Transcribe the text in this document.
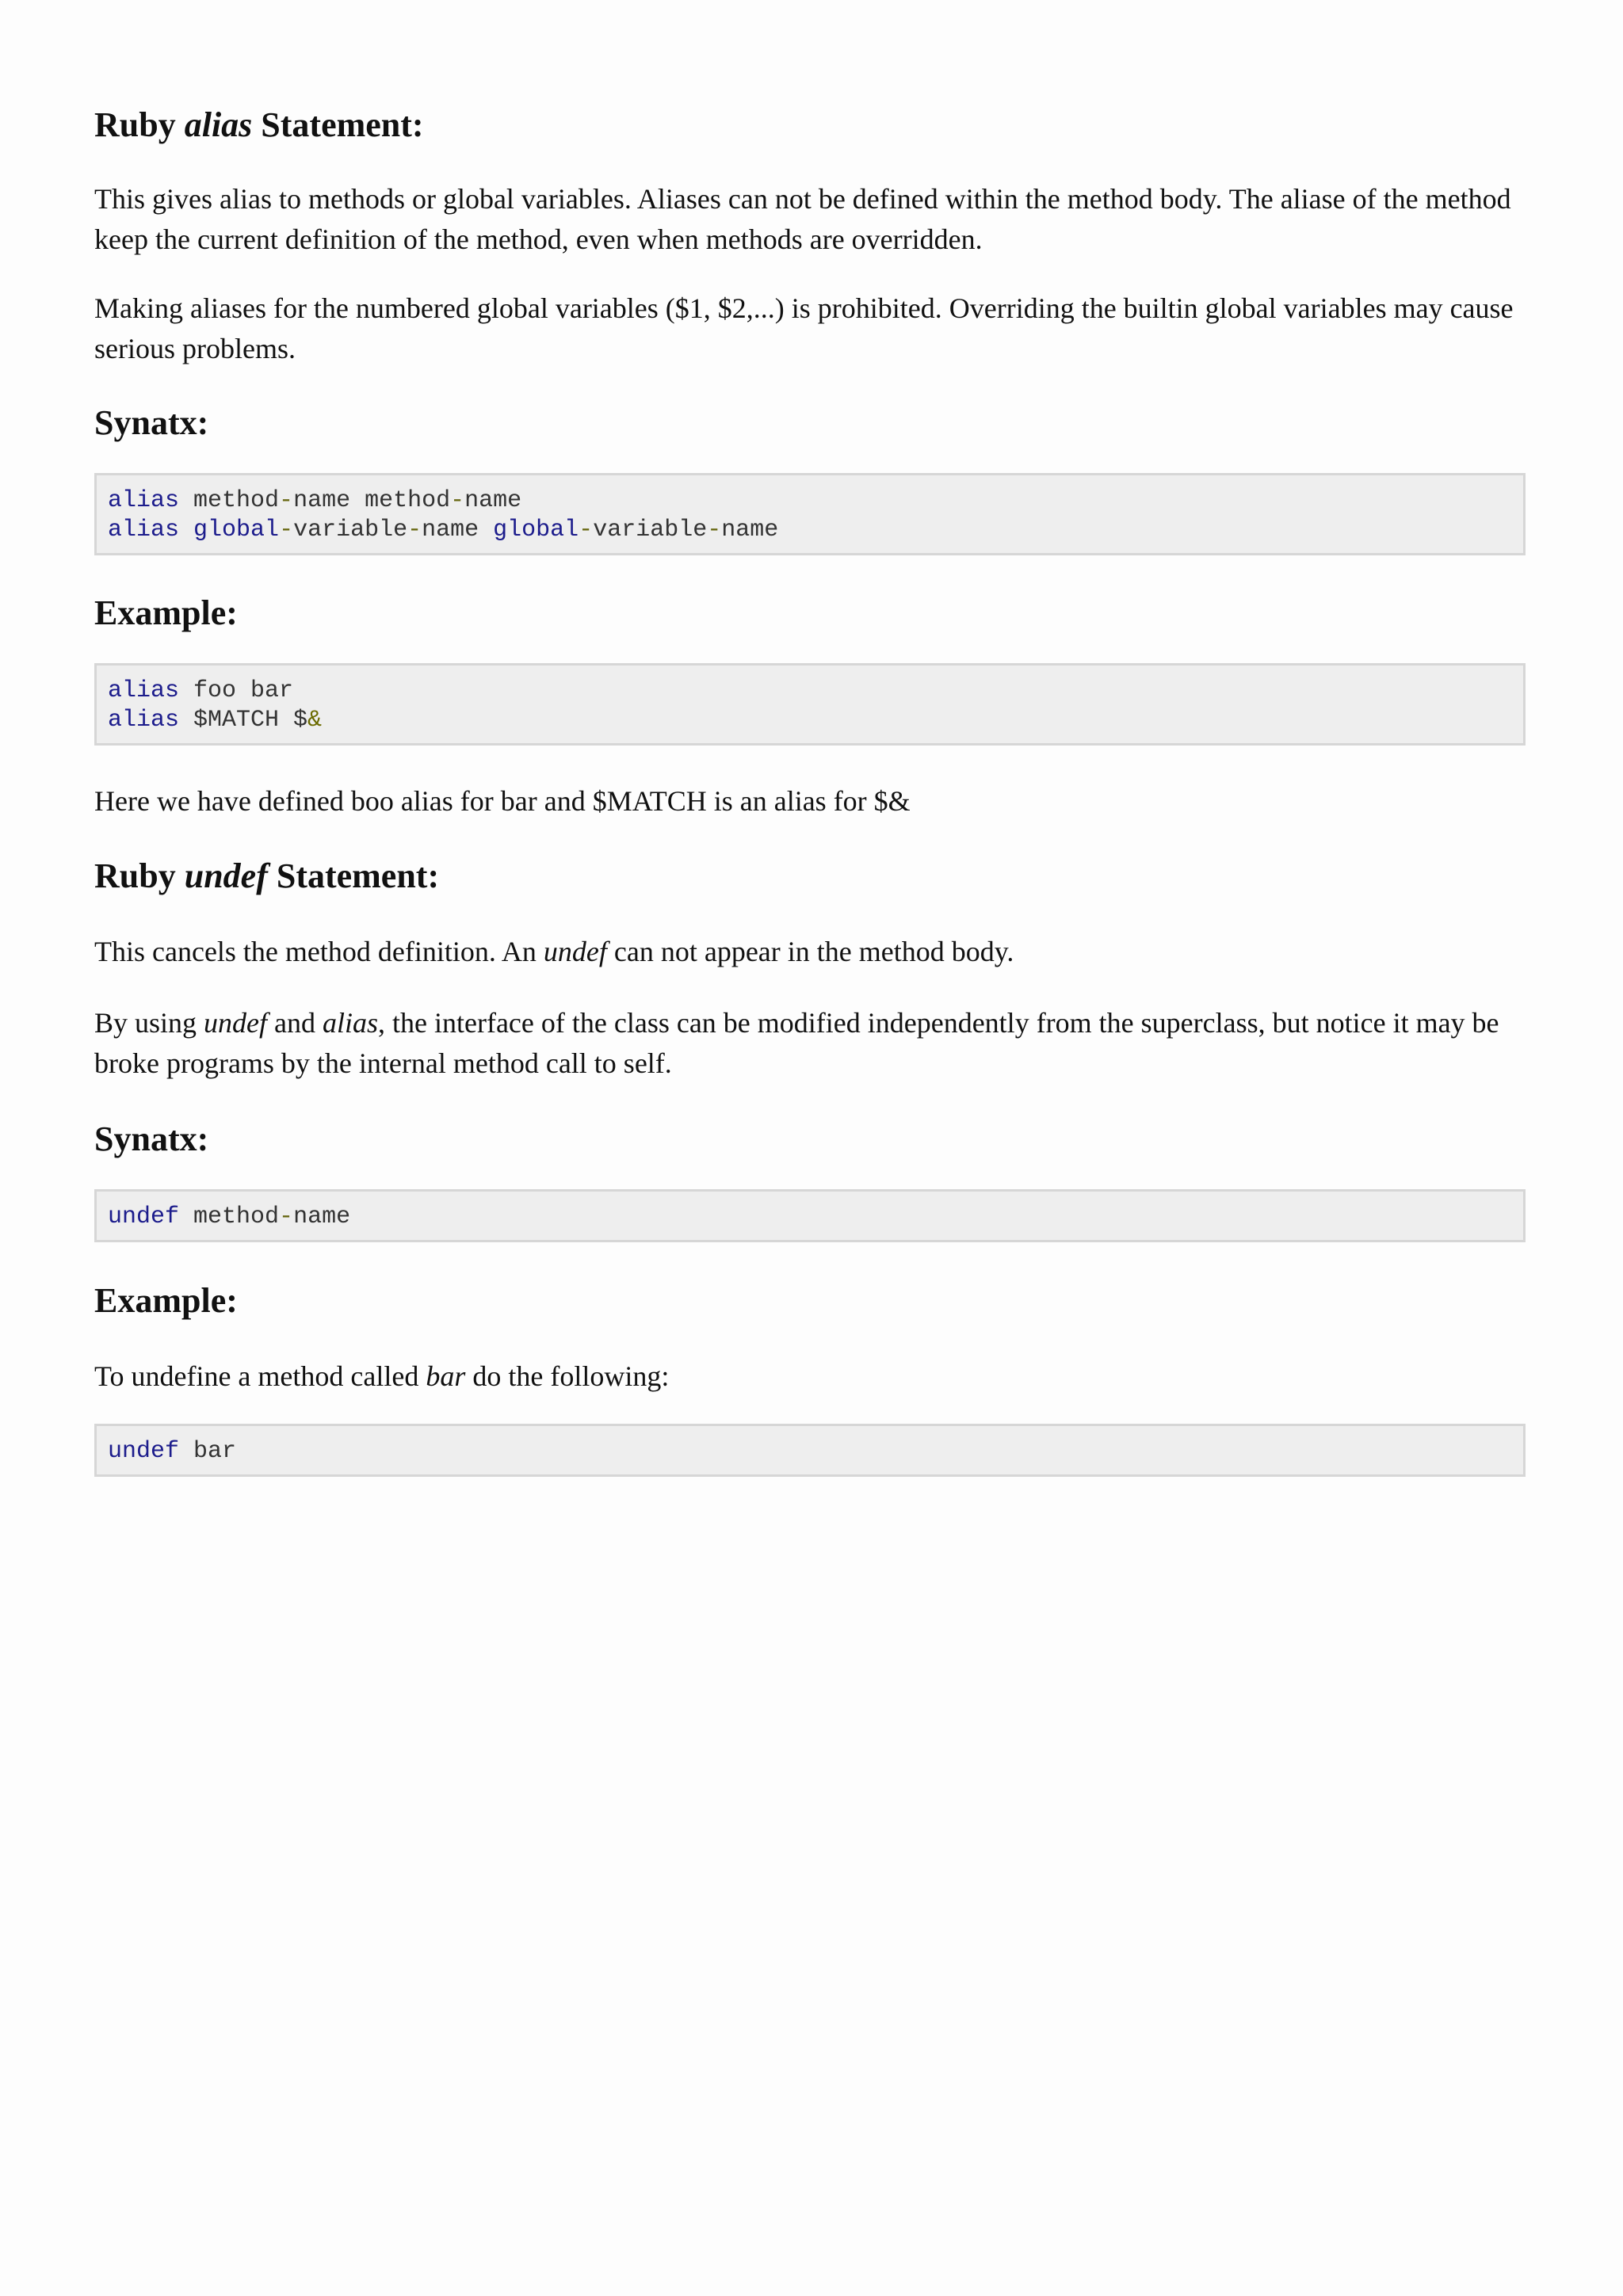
Ruby alias Statement:

This gives alias to methods or global variables. Aliases can not be defined within the method body. The aliase of the method keep the current definition of the method, even when methods are overridden.

Making aliases for the numbered global variables ($1, $2,...) is prohibited. Overriding the builtin global variables may cause serious problems.

Synatx:
alias method-name method-name
alias global-variable-name global-variable-name
Example:
alias foo bar
alias $MATCH $&

Here we have defined boo alias for bar and $MATCH is an alias for $&

Ruby undef Statement:

This cancels the method definition. An undef can not appear in the method body.

By using undef and alias, the interface of the class can be modified independently from the superclass, but notice it may be broke programs by the internal method call to self.

Synatx:
undef method-name
Example:

To undefine a method called bar do the following:

undef bar
